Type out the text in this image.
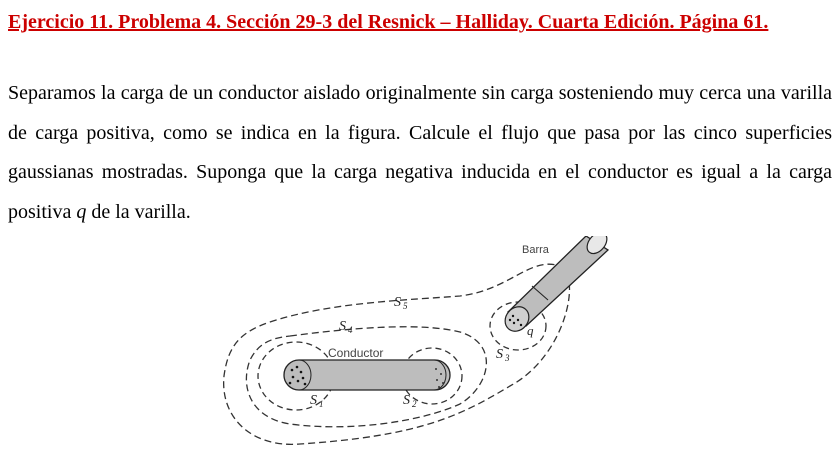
Ejercicio 11. Problema 4. Sección 29-3 del Resnick – Halliday. Cuarta Edición. Página 61.

Separamos la carga de un conductor aislado originalmente sin carga sosteniendo muy cerca una varilla de carga positiva, como se indica en la figura. Calcule el flujo que pasa por las cinco superficies gaussianas mostradas. Suponga que la carga negativa inducida en el conductor es igual a la carga positiva q de la varilla.

Barra
Conductor
q
S 5
S 4
S 1	S 2
S 3
